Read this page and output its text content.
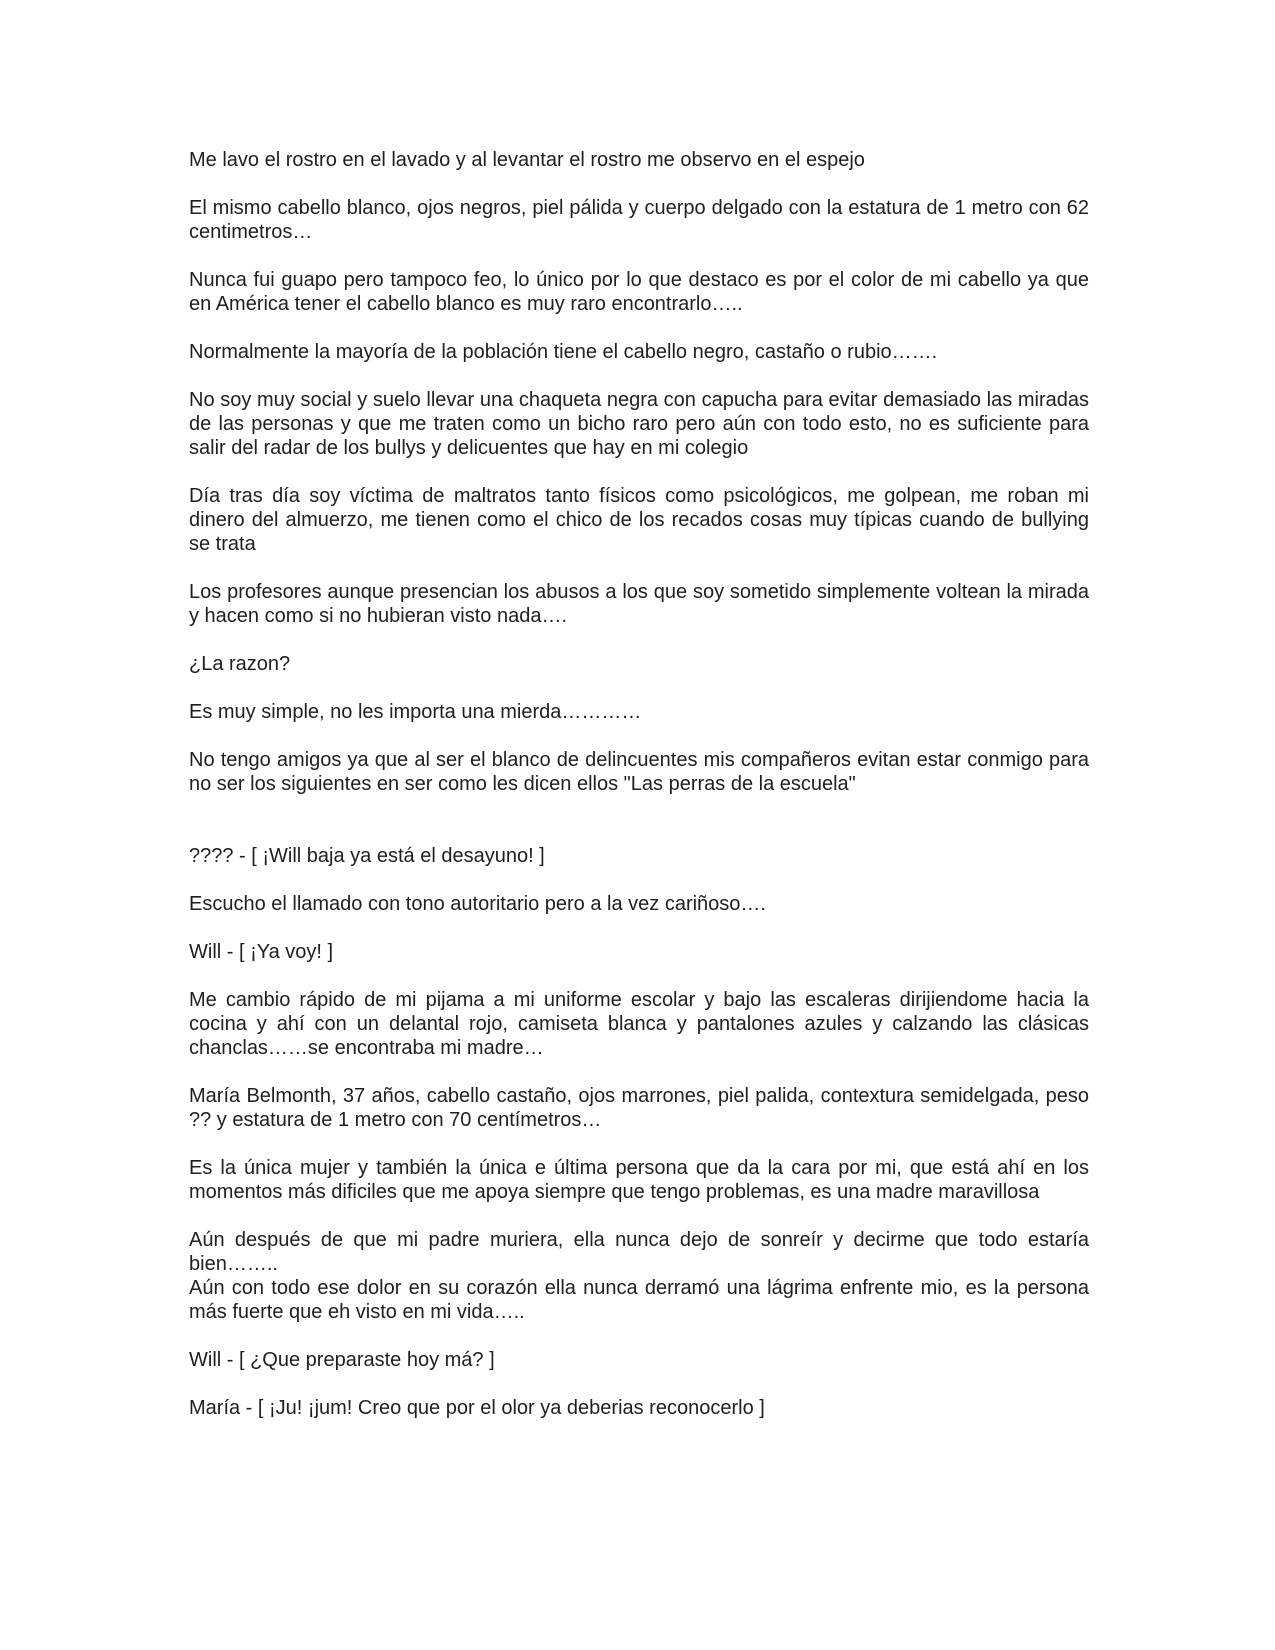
Me lavo el rostro en el lavado y al levantar el rostro me observo en el espejo

El mismo cabello blanco, ojos negros, piel pálida y cuerpo delgado con la estatura de 1 metro con 62 centimetros…

Nunca fui guapo pero tampoco feo, lo único por lo que destaco es por el color de mi cabello ya que en América tener el cabello blanco es muy raro encontrarlo…..

Normalmente la mayoría de la población tiene el cabello negro, castaño o rubio…….

No soy muy social y suelo llevar una chaqueta negra con capucha para evitar demasiado las miradas de las personas y que me traten como un bicho raro pero aún con todo esto, no es suficiente para salir del radar de los bullys y delicuentes que hay en mi colegio

Día tras día soy víctima de maltratos tanto físicos como psicológicos, me golpean, me roban mi dinero del almuerzo, me tienen como el chico de los recados cosas muy típicas cuando de bullying se trata

Los profesores aunque presencian los abusos a los que soy sometido simplemente voltean la mirada y hacen como si no hubieran visto nada….

¿La razon?

Es muy simple, no les importa una mierda…………

No tengo amigos ya que al ser el blanco de delincuentes mis compañeros evitan estar conmigo para no ser los siguientes en ser como les dicen ellos "Las perras de la escuela"

???? - [ ¡Will baja ya está el desayuno! ]

Escucho el llamado con tono autoritario pero a la vez cariñoso….

Will - [ ¡Ya voy! ]

Me cambio rápido de mi pijama a mi uniforme escolar y bajo las escaleras dirijiendome hacia la cocina y ahí con un delantal rojo, camiseta blanca y pantalones azules y calzando las clásicas chanclas……se encontraba mi madre…

María Belmonth, 37 años, cabello castaño, ojos marrones, piel palida, contextura semidelgada, peso ?? y estatura de 1 metro con 70 centímetros…

Es la única mujer y también la única e última persona que da la cara por mi, que está ahí en los momentos más dificiles que me apoya siempre que tengo problemas, es una madre maravillosa

Aún después de que mi padre muriera, ella nunca dejo de sonreír y decirme que todo estaría bien……..

Aún con todo ese dolor en su corazón ella nunca derramó una lágrima enfrente mio, es la persona más fuerte que eh visto en mi vida…..

Will - [ ¿Que preparaste hoy má? ]

María - [ ¡Ju! ¡jum! Creo que por el olor ya deberias reconocerlo ]
